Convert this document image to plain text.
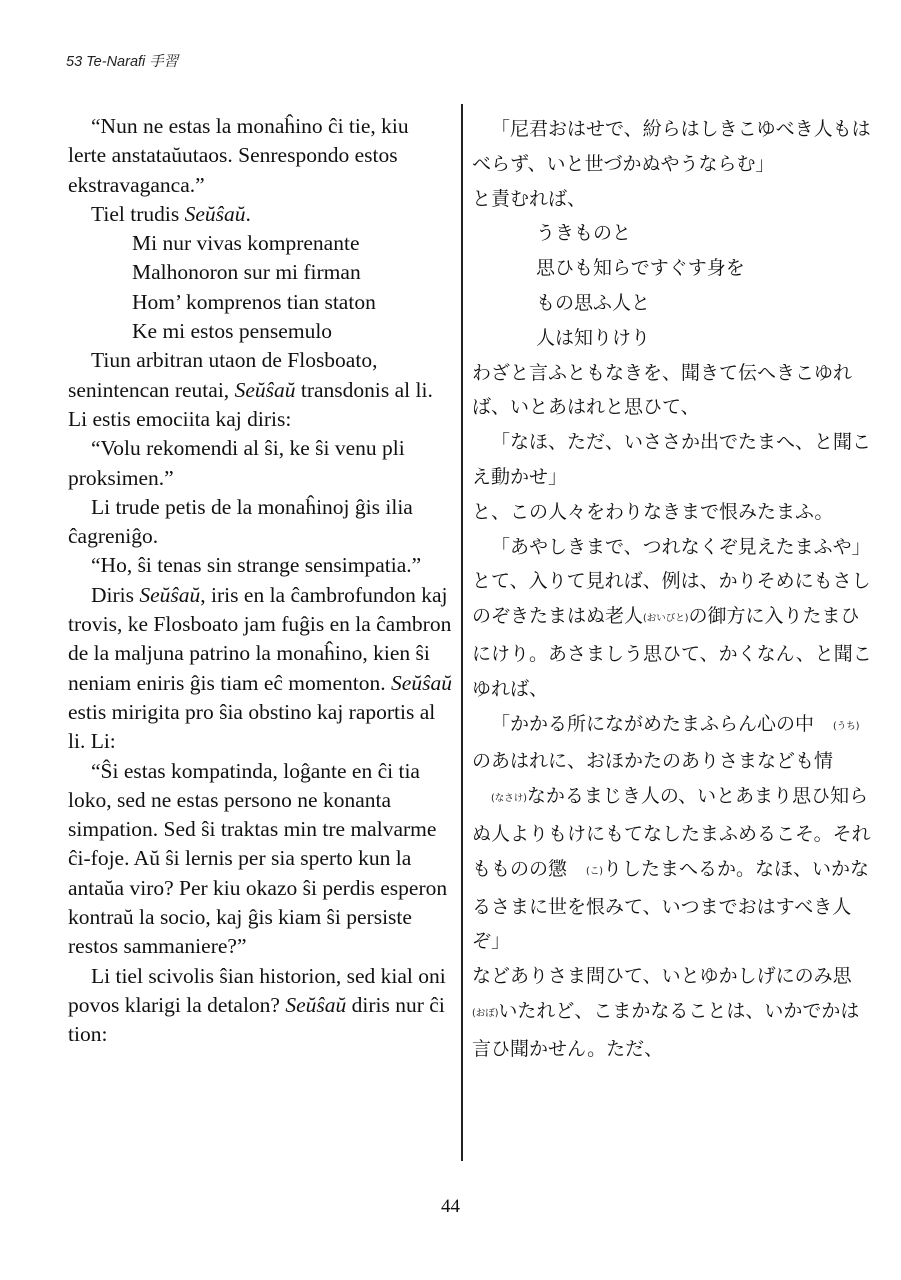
53 Te-Narafi 手習

“Nun ne estas la monaĥino ĉi tie, kiu lerte anstataŭutaos. Senrespondo estos ekstravaganca.”

Tiel trudis Seŭŝaŭ.

Mi nur vivas komprenante

Malhonoron sur mi firman

Hom’ komprenos tian staton

Ke mi estos pensemulo

Tiun arbitran utaon de Flosboato, senintencan reutai, Seŭŝaŭ transdonis al li. Li estis emociita kaj diris:

“Volu rekomendi al ŝi, ke ŝi venu pli proksimen.”

Li trude petis de la monaĥinoj ĝis ilia ĉagreniĝo.

“Ho, ŝi tenas sin strange sensimpatia.”

Diris Seŭŝaŭ, iris en la ĉambrofundon kaj trovis, ke Flosboato jam fuĝis en la ĉambron de la maljuna patrino la monaĥino, kien ŝi neniam eniris ĝis tiam eĉ momenton. Seŭŝaŭ estis mirigita pro ŝia obstino kaj raportis al li. Li:

“Ŝi estas kompatinda, loĝante en ĉi tia loko, sed ne estas persono ne konanta simpation. Sed ŝi traktas min tre malvarme ĉi-foje. Aŭ ŝi lernis per sia sperto kun la antaŭa viro? Per kiu okazo ŝi perdis esperon kontraŭ la socio, kaj ĝis kiam ŝi persiste restos sammaniere?”

Li tiel scivolis ŝian historion, sed kial oni povos klarigi la detalon? Seŭŝaŭ diris nur ĉi tion:

「尼君おはせで、紛らはしきこゆべき人もはべらず、いと世づかぬやうならむ」

と責むれば、

うきものと

思ひも知らですぐす身を

もの思ふ人と

人は知りけり

わざと言ふともなきを、聞きて伝へきこゆれば、いとあはれと思ひて、

「なほ、ただ、いささか出でたまへ、と聞こえ動かせ」

と、この人々をわりなきまで恨みたまふ。

「あやしきまで、つれなくぞ見えたまふや」

とて、入りて見れば、例は、かりそめにもさしのぞきたまはぬ老人(おいびと)の御方に入りたまひにけり。あさましう思ひて、かくなん、と聞こゆれば、

「かかる所にながめたまふらん心の中 (うち)のあはれに、おほかたのありさまなども情(なさけ)なかるまじき人の、いとあまり思ひ知らぬ人よりもけにもてなしたまふめるこそ。それもものの懲 (こ)りしたまへるか。なほ、いかなるさまに世を恨みて、いつまでおはすべき人ぞ」

などありさま問ひて、いとゆかしげにのみ思(おぼ)いたれど、こまかなることは、いかでかは言ひ聞かせん。ただ、

44
